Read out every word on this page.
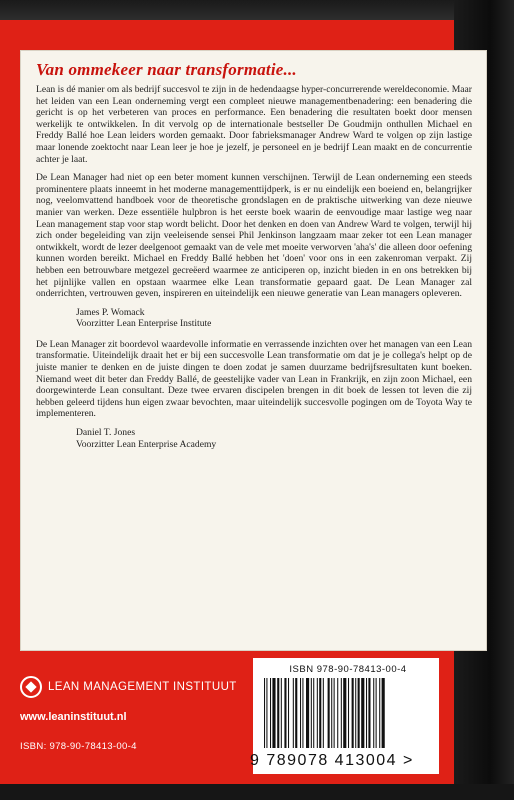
Van ommekeer naar transformatie...

Lean is dé manier om als bedrijf succesvol te zijn in de hedendaagse hyper-concurrerende wereldeconomie. Maar het leiden van een Lean onderneming vergt een compleet nieuwe managementbenadering: een benadering die gericht is op het verbeteren van proces en performance. Een benadering die resultaten boekt door mensen werkelijk te ontwikkelen. In dit vervolg op de internationale bestseller De Goudmijn onthullen Michael en Freddy Ballé hoe Lean leiders worden gemaakt. Door fabrieksmanager Andrew Ward te volgen op zijn lastige maar lonende zoektocht naar Lean leer je hoe je jezelf, je personeel en je bedrijf Lean maakt en de concurrentie achter je laat.

De Lean Manager had niet op een beter moment kunnen verschijnen. Terwijl de Lean onderneming een steeds prominentere plaats inneemt in het moderne managementtijdperk, is er nu eindelijk een boeiend en, belangrijker nog, veelomvattend handboek voor de theoretische grondslagen en de praktische uitwerking van deze nieuwe manier van werken. Deze essentiële hulpbron is het eerste boek waarin de eenvoudige maar lastige weg naar Lean management stap voor stap wordt belicht. Door het denken en doen van Andrew Ward te volgen, terwijl hij zich onder begeleiding van zijn veeleisende sensei Phil Jenkinson langzaam maar zeker tot een Lean manager ontwikkelt, wordt de lezer deelgenoot gemaakt van de vele met moeite verworven 'aha's' die alleen door oefening kunnen worden bereikt. Michael en Freddy Ballé hebben het 'doen' voor ons in een zakenroman verpakt. Zij hebben een betrouwbare metgezel gecreëerd waarmee ze anticiperen op, inzicht bieden in en ons betrekken bij het pijnlijke vallen en opstaan waarmee elke Lean transformatie gepaard gaat. De Lean Manager zal onderrichten, vertrouwen geven, inspireren en uiteindelijk een nieuwe generatie van Lean managers opleveren.

James P. Womack
Voorzitter Lean Enterprise Institute

De Lean Manager zit boordevol waardevolle informatie en verrassende inzichten over het managen van een Lean transformatie. Uiteindelijk draait het er bij een succesvolle Lean transformatie om dat je je collega's helpt op de juiste manier te denken en de juiste dingen te doen zodat je samen duurzame bedrijfsresultaten kunt boeken. Niemand weet dit beter dan Freddy Ballé, de geestelijke vader van Lean in Frankrijk, en zijn zoon Michael, een doorgewinterde Lean consultant. Deze twee ervaren discipelen brengen in dit boek de lessen tot leven die zij hebben geleerd tijdens hun eigen zwaar bevochten, maar uiteindelijk succesvolle pogingen om de Toyota Way te implementeren.

Daniel T. Jones
Voorzitter Lean Enterprise Academy
LEAN MANAGEMENT INSTITUUT
www.leaninstituut.nl
ISBN: 978-90-78413-00-4
ISBN 978-90-78413-00-4
9 789078 413004 >
